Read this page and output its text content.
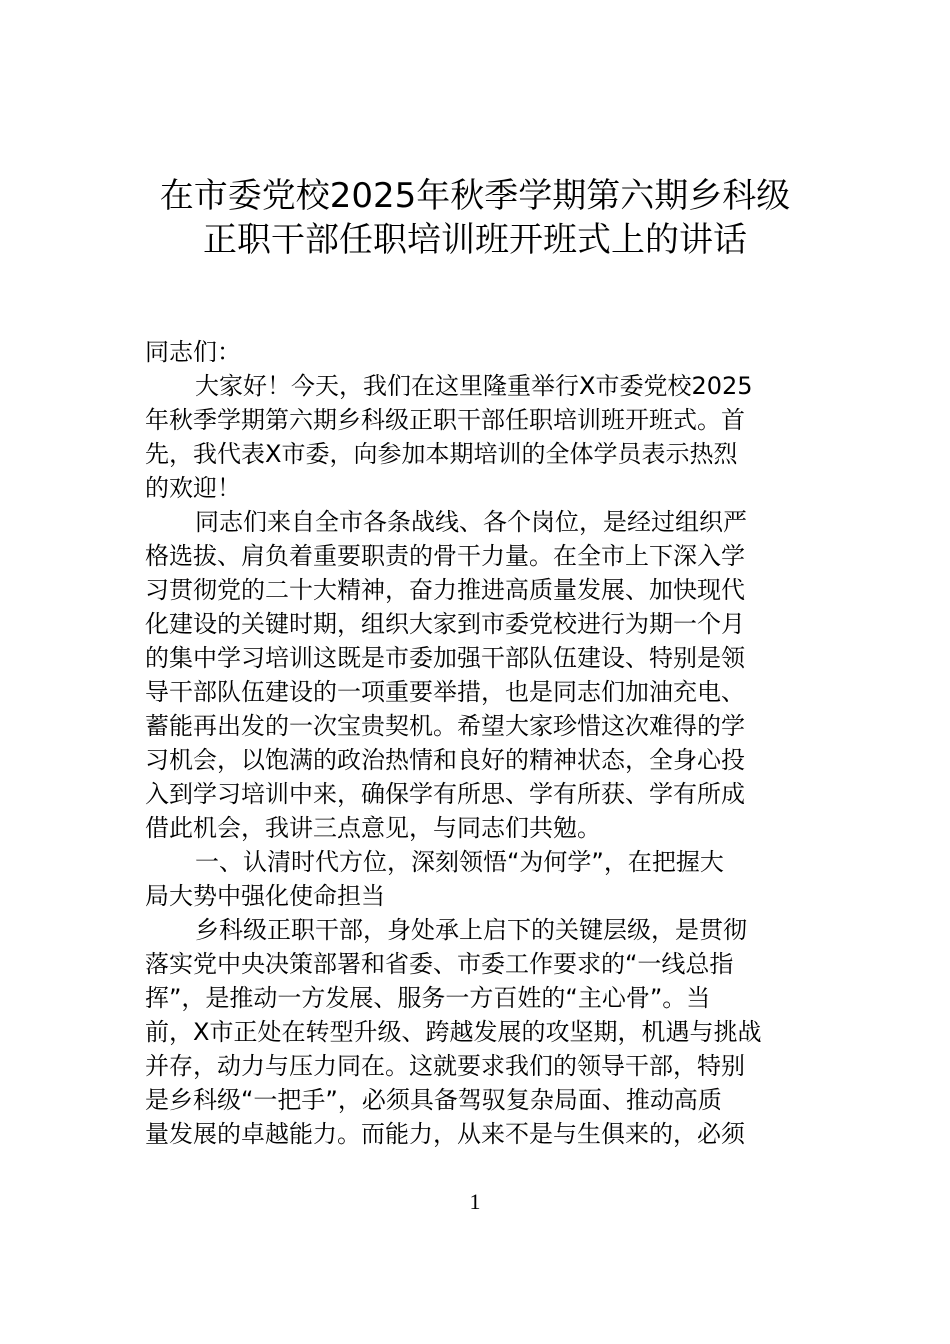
在市委党校2025年秋季学期第六期乡科级
正职干部任职培训班开班式上的讲话
同志们：
大家好！今天，我们在这里隆重举行X市委党校2025
年秋季学期第六期乡科级正职干部任职培训班开班式。首
先，我代表X市委，向参加本期培训的全体学员表示热烈
的欢迎！
同志们来自全市各条战线、各个岗位，是经过组织严
格选拔、肩负着重要职责的骨干力量。在全市上下深入学
习贯彻党的二十大精神，奋力推进高质量发展、加快现代
化建设的关键时期，组织大家到市委党校进行为期一个月
的集中学习培训这既是市委加强干部队伍建设、特别是领
导干部队伍建设的一项重要举措，也是同志们加油充电、
蓄能再出发的一次宝贵契机。希望大家珍惜这次难得的学
习机会，以饱满的政治热情和良好的精神状态，全身心投
入到学习培训中来，确保学有所思、学有所获、学有所成
借此机会，我讲三点意见，与同志们共勉。
一、认清时代方位，深刻领悟“为何学”，在把握大
局大势中强化使命担当
乡科级正职干部，身处承上启下的关键层级，是贯彻
落实党中央决策部署和省委、市委工作要求的“一线总指
挥”，是推动一方发展、服务一方百姓的“主心骨”。当
前，X市正处在转型升级、跨越发展的攻坚期，机遇与挑战
并存，动力与压力同在。这就要求我们的领导干部，特别
是乡科级“一把手”，必须具备驾驭复杂局面、推动高质
量发展的卓越能力。而能力，从来不是与生俱来的，必须
1
